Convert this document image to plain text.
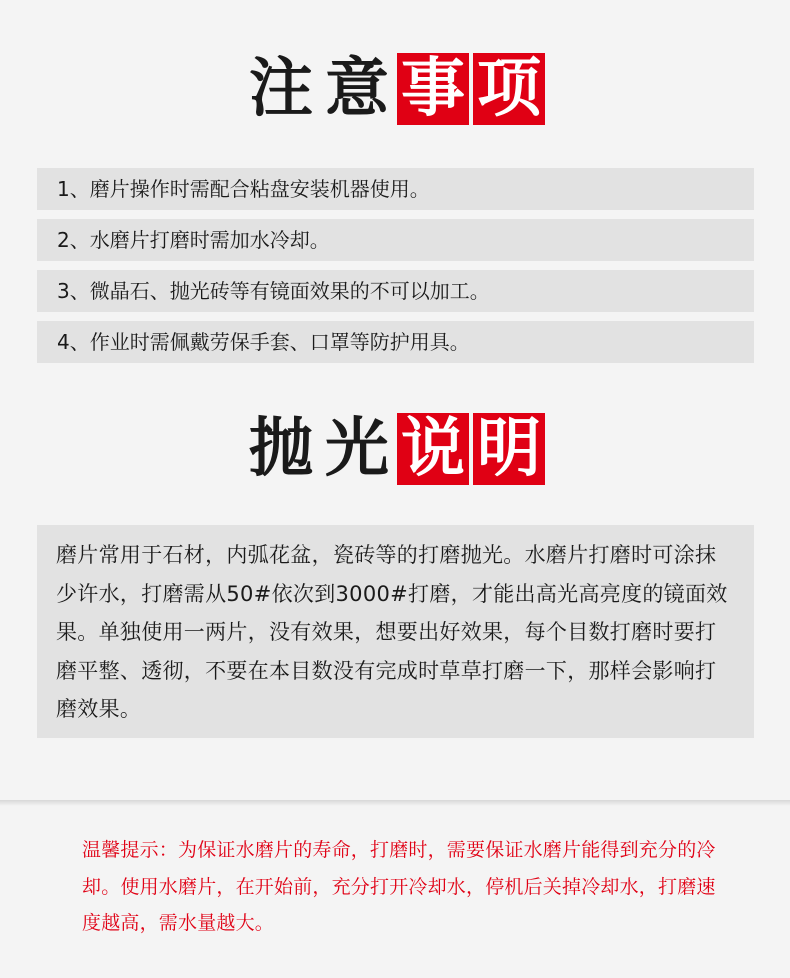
注 意 事 项
1、磨片操作时需配合粘盘安装机器使用。
2、水磨片打磨时需加水冷却。
3、微晶石、抛光砖等有镜面效果的不可以加工。
4、作业时需佩戴劳保手套、口罩等防护用具。
抛 光 说 明
磨片常用于石材，内弧花盆，瓷砖等的打磨抛光。水磨片打磨时可涂抹少许水，打磨需从50#依次到3000#打磨，才能出高光高亮度的镜面效果。单独使用一两片，没有效果，想要出好效果，每个目数打磨时要打磨平整、透彻，不要在本目数没有完成时草草打磨一下，那样会影响打磨效果。
温馨提示：为保证水磨片的寿命，打磨时，需要保证水磨片能得到充分的冷却。使用水磨片，在开始前，充分打开冷却水，停机后关掉冷却水，打磨速度越高，需水量越大。
